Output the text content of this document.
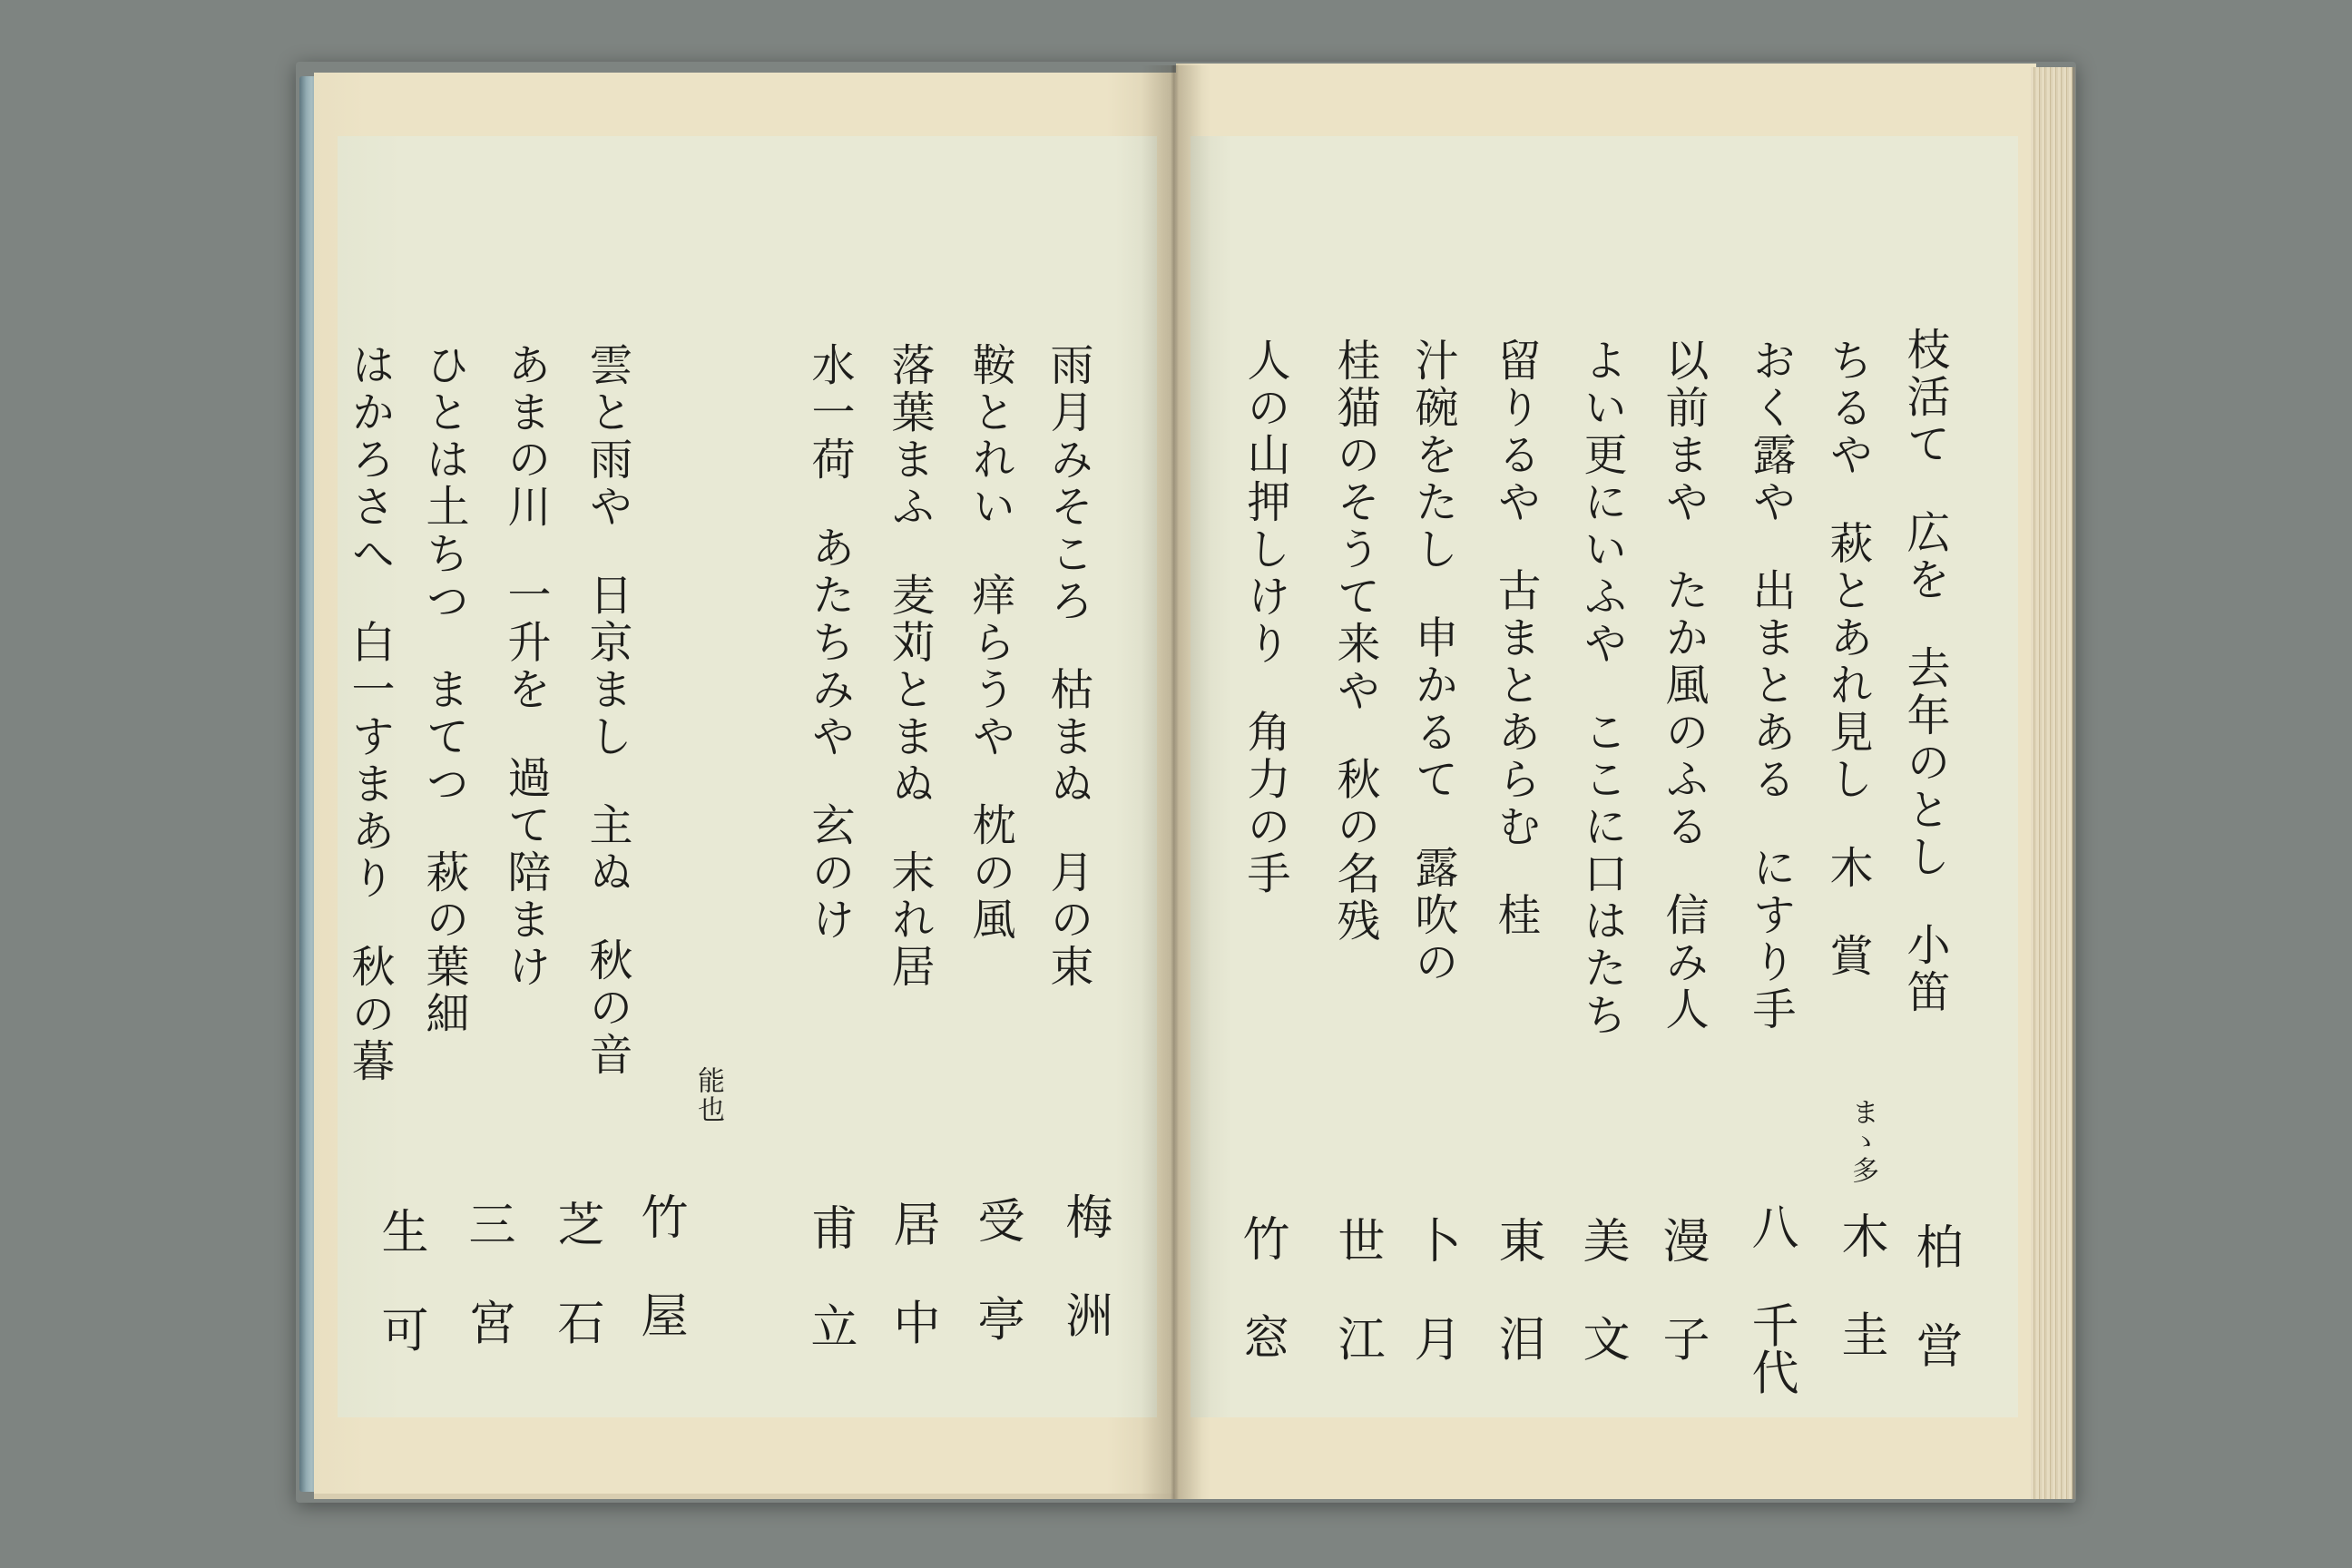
枝活て 広を 去年のとし 小笛
ちるや 萩とあれ見し 木 賞
おく露や 出まとある にすり手
以前まや たか風のふる 信み人
よい更にいふや ここに口はたち
留りるや 古まとあらむ 桂
汁碗をたし 申かるて 露吹の
桂猫のそうて来や 秋の名残
人の山押しけり 角力の手
まゝ多
柏 営
木 圭
八 千代
漫 子
美 文
東 泪
卜 月
世 江
竹 窓
雨月みそころ 枯まぬ 月の束
鞍とれい 痒らうや 枕の風
落葉まふ 麦苅とまぬ 末れ居
水一荷 あたちみや 玄のけ
雲と雨や 日京まし 主ぬ 秋の音
あまの川 一升を 過て陪まけ
ひとは土ちつ まてつ 萩の葉細
はかろさへ 白一すまあり 秋の暮
能也
梅 洲
受 亭
居 中
甫 立
竹 屋
芝 石
三 宮
生 可
